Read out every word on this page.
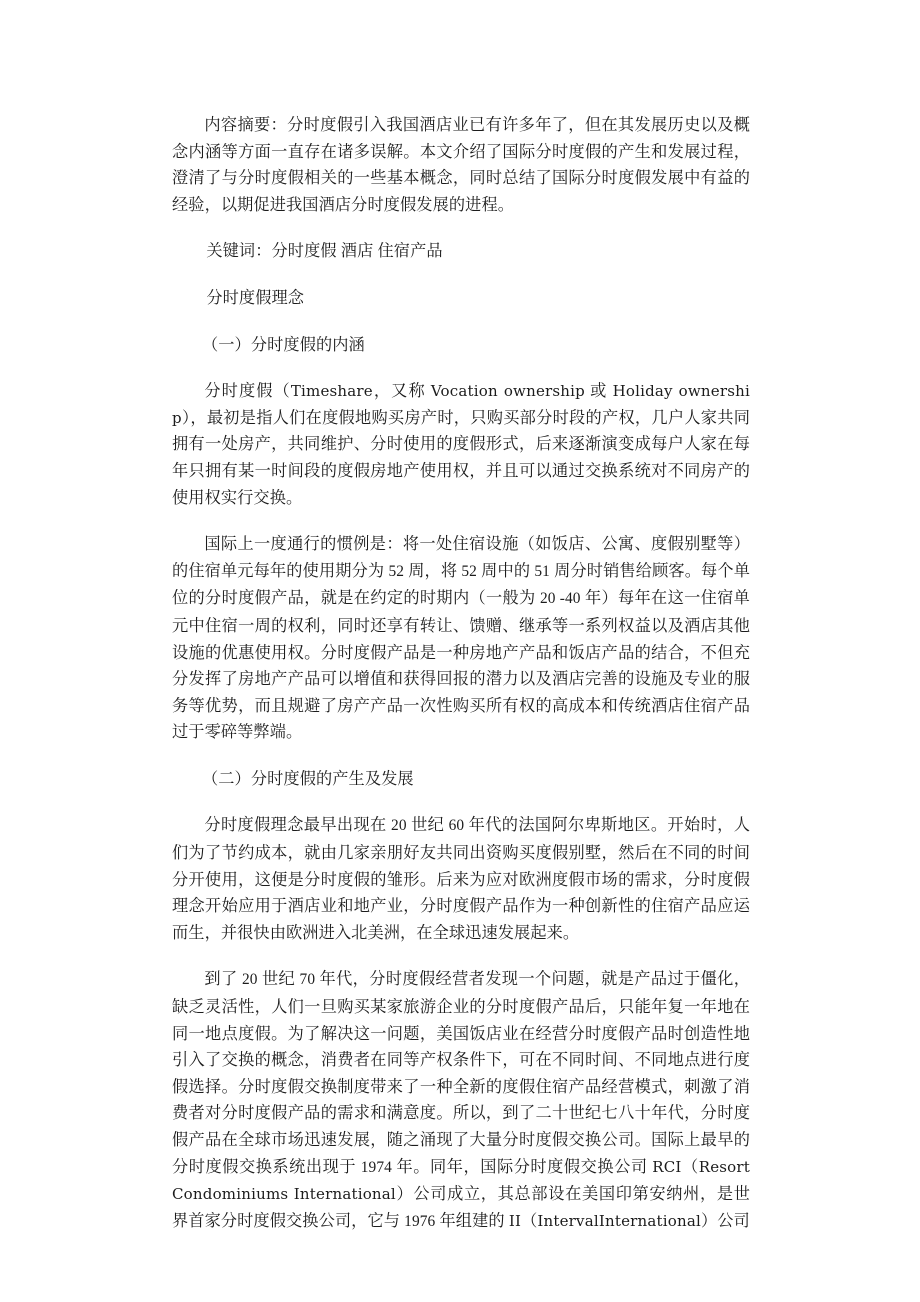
内容摘要：分时度假引入我国酒店业已有许多年了，但在其发展历史以及概念内涵等方面一直存在诸多误解。本文介绍了国际分时度假的产生和发展过程，澄清了与分时度假相关的一些基本概念，同时总结了国际分时度假发展中有益的经验，以期促进我国酒店分时度假发展的进程。

关键词：分时度假 酒店 住宿产品

分时度假理念

（一）分时度假的内涵

分时度假（Timeshare，又称 Vocation ownership 或 Holiday ownership），最初是指人们在度假地购买房产时，只购买部分时段的产权，几户人家共同拥有一处房产，共同维护、分时使用的度假形式，后来逐渐演变成每户人家在每年只拥有某一时间段的度假房地产使用权，并且可以通过交换系统对不同房产的使用权实行交换。

国际上一度通行的惯例是：将一处住宿设施（如饭店、公寓、度假别墅等）的住宿单元每年的使用期分为 52 周，将 52 周中的 51 周分时销售给顾客。每个单位的分时度假产品，就是在约定的时期内（一般为 20 -40 年）每年在这一住宿单元中住宿一周的权利，同时还享有转让、馈赠、继承等一系列权益以及酒店其他设施的优惠使用权。分时度假产品是一种房地产产品和饭店产品的结合，不但充分发挥了房地产产品可以增值和获得回报的潜力以及酒店完善的设施及专业的服务等优势，而且规避了房产产品一次性购买所有权的高成本和传统酒店住宿产品过于零碎等弊端。

（二）分时度假的产生及发展

分时度假理念最早出现在 20 世纪 60 年代的法国阿尔卑斯地区。开始时，人们为了节约成本，就由几家亲朋好友共同出资购买度假别墅，然后在不同的时间分开使用，这便是分时度假的雏形。后来为应对欧洲度假市场的需求，分时度假理念开始应用于酒店业和地产业，分时度假产品作为一种创新性的住宿产品应运而生，并很快由欧洲进入北美洲，在全球迅速发展起来。

到了 20 世纪 70 年代，分时度假经营者发现一个问题，就是产品过于僵化，缺乏灵活性，人们一旦购买某家旅游企业的分时度假产品后，只能年复一年地在同一地点度假。为了解决这一问题，美国饭店业在经营分时度假产品时创造性地引入了交换的概念，消费者在同等产权条件下，可在不同时间、不同地点进行度假选择。分时度假交换制度带来了一种全新的度假住宿产品经营模式，刺激了消费者对分时度假产品的需求和满意度。所以，到了二十世纪七八十年代，分时度假产品在全球市场迅速发展，随之涌现了大量分时度假交换公司。国际上最早的分时度假交换系统出现于 1974 年。同年，国际分时度假交换公司 RCI（Resort Condominiums International）公司成立，其总部设在美国印第安纳州，是世界首家分时度假交换公司，它与 1976 年组建的 II（IntervalInternational）公司
